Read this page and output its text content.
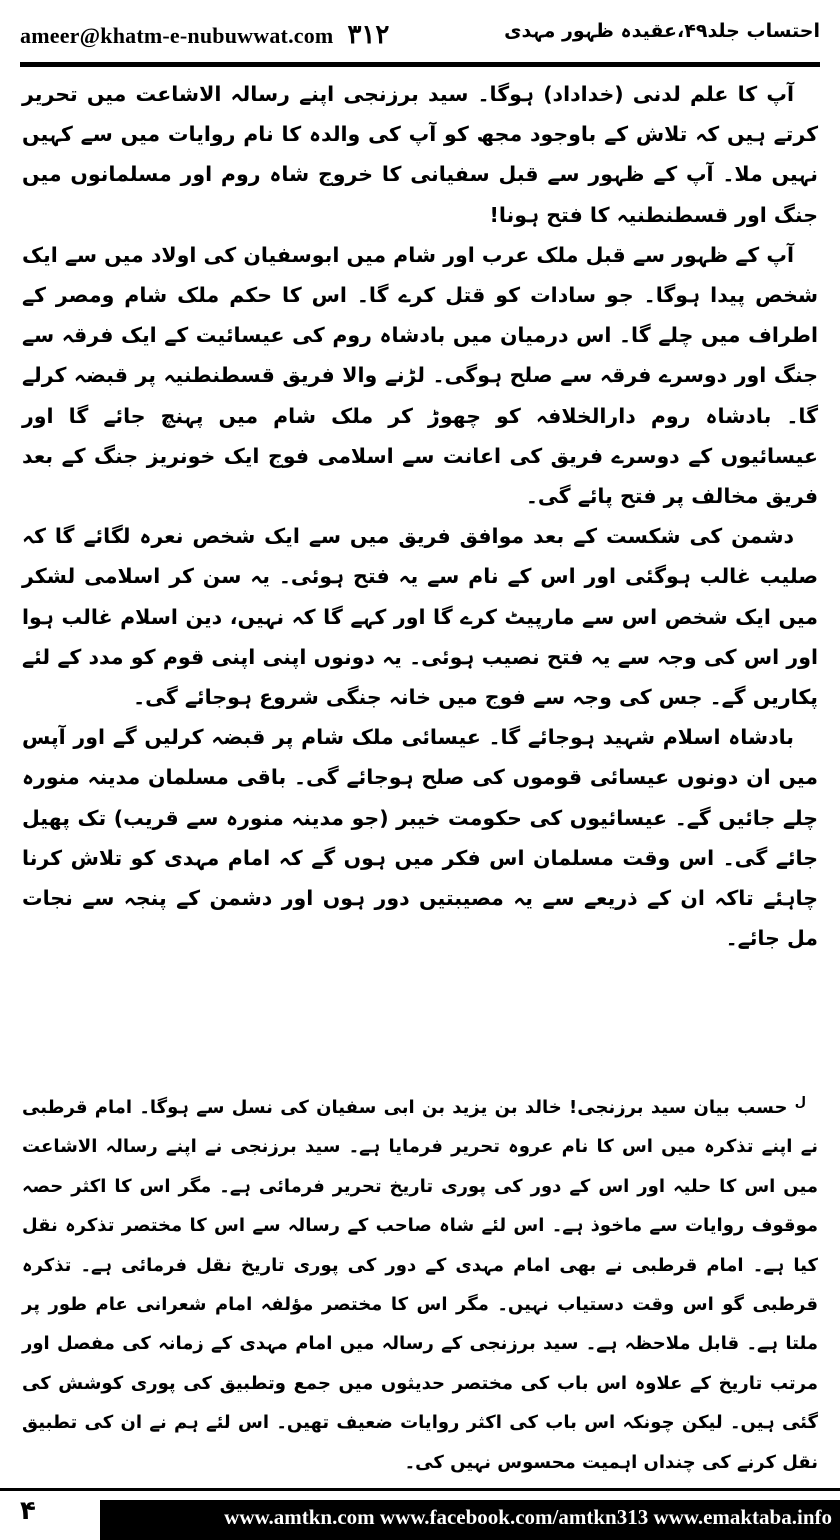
ameer@khatm-e-nubuwwat.com ۳۱۲	احتساب جلد۴۹،عقیدہ ظہور مہدی

آپ کا علم لدنی (خداداد) ہوگا۔ سید برزنجی اپنے رسالہ الاشاعت میں تحریر کرتے ہیں کہ تلاش کے باوجود مجھ کو آپ کی والدہ کا نام روایات میں سے کہیں نہیں ملا۔ آپ کے ظہور سے قبل سفیانی کا خروج شاہ روم اور مسلمانوں میں جنگ اور قسطنطنیہ کا فتح ہونا!

آپ کے ظہور سے قبل ملک عرب اور شام میں ابوسفیان کی اولاد میں سے ایک شخص پیدا ہوگا۔ جو سادات کو قتل کرے گا۔ اس کا حکم ملک شام ومصر کے اطراف میں چلے گا۔ اس درمیان میں بادشاہ روم کی عیسائیت کے ایک فرقہ سے جنگ اور دوسرے فرقہ سے صلح ہوگی۔ لڑنے والا فریق قسطنطنیہ پر قبضہ کرلے گا۔ بادشاہ روم دارالخلافہ کو چھوڑ کر ملک شام میں پہنچ جائے گا اور عیسائیوں کے دوسرے فریق کی اعانت سے اسلامی فوج ایک خونریز جنگ کے بعد فریق مخالف پر فتح پائے گی۔

دشمن کی شکست کے بعد موافق فریق میں سے ایک شخص نعرہ لگائے گا کہ صلیب غالب ہوگئی اور اس کے نام سے یہ فتح ہوئی۔ یہ سن کر اسلامی لشکر میں ایک شخص اس سے مارپیٹ کرے گا اور کہے گا کہ نہیں، دین اسلام غالب ہوا اور اس کی وجہ سے یہ فتح نصیب ہوئی۔ یہ دونوں اپنی اپنی قوم کو مدد کے لئے پکاریں گے۔ جس کی وجہ سے فوج میں خانہ جنگی شروع ہوجائے گی۔

بادشاہ اسلام شہید ہوجائے گا۔ عیسائی ملک شام پر قبضہ کرلیں گے اور آپس میں ان دونوں عیسائی قوموں کی صلح ہوجائے گی۔ باقی مسلمان مدینہ منورہ چلے جائیں گے۔ عیسائیوں کی حکومت خیبر (جو مدینہ منورہ سے قریب) تک پھیل جائے گی۔ اس وقت مسلمان اس فکر میں ہوں گے کہ امام مہدی کو تلاش کرنا چاہئے تاکہ ان کے ذریعے سے یہ مصیبتیں دور ہوں اور دشمن کے پنجہ سے نجات مل جائے۔

$^ل$ حسب بیان سید برزنجی! خالد بن یزید بن ابی سفیان کی نسل سے ہوگا۔ امام قرطبی نے اپنے تذکرہ میں اس کا نام عروہ تحریر فرمایا ہے۔ سید برزنجی نے اپنے رسالہ الاشاعت میں اس کا حلیہ اور اس کے دور کی پوری تاریخ تحریر فرمائی ہے۔ مگر اس کا اکثر حصہ موقوف روایات سے ماخوذ ہے۔ اس لئے شاہ صاحب کے رسالہ سے اس کا مختصر تذکرہ نقل کیا ہے۔ امام قرطبی نے بھی امام مہدی کے دور کی پوری تاریخ نقل فرمائی ہے۔ تذکرہ قرطبی گو اس وقت دستیاب نہیں۔ مگر اس کا مختصر مؤلفہ امام شعرانی عام طور پر ملتا ہے۔ قابل ملاحظہ ہے۔ سید برزنجی کے رسالہ میں امام مہدی کے زمانہ کی مفصل اور مرتب تاریخ کے علاوہ اس باب کی مختصر حدیثوں میں جمع وتطبیق کی پوری کوشش کی گئی ہیں۔ لیکن چونکہ اس باب کی اکثر روایات ضعیف تھیں۔ اس لئے ہم نے ان کی تطبیق نقل کرنے کی چنداں اہمیت محسوس نہیں کی۔

۴	www.amtkn.com www.facebook.com/amtkn313 www.emaktaba.info
